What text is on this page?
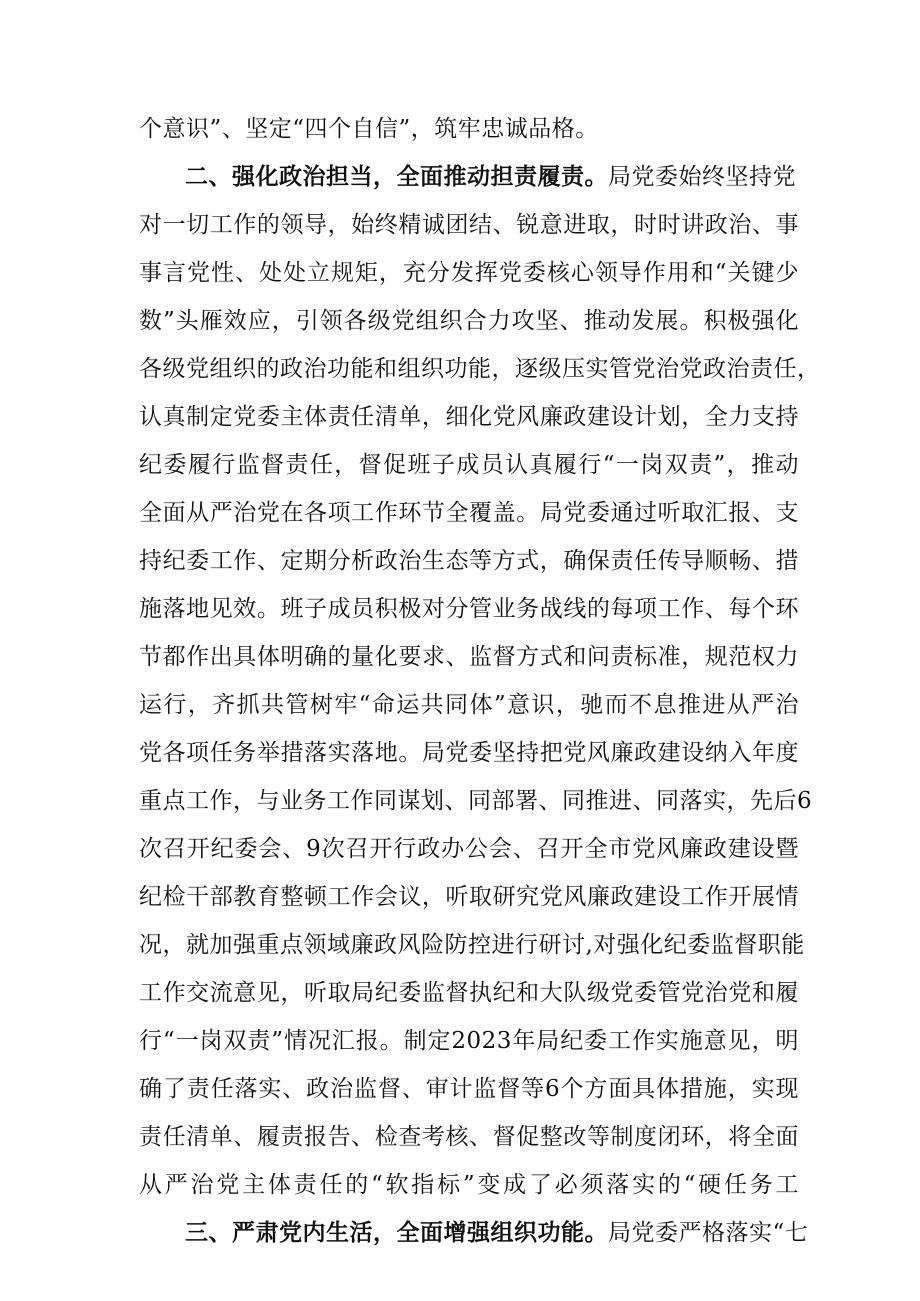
个意识”、坚定“四个自信”，筑牢忠诚品格。
二、强化政治担当，全面推动担责履责。局党委始终坚持党
对一切工作的领导，始终精诚团结、锐意进取，时时讲政治、事
事言党性、处处立规矩，充分发挥党委核心领导作用和“关键少
数”头雁效应，引领各级党组织合力攻坚、推动发展。积极强化
各级党组织的政治功能和组织功能，逐级压实管党治党政治责任，
认真制定党委主体责任清单，细化党风廉政建设计划，全力支持
纪委履行监督责任，督促班子成员认真履行“一岗双责”，推动
全面从严治党在各项工作环节全覆盖。局党委通过听取汇报、支
持纪委工作、定期分析政治生态等方式，确保责任传导顺畅、措
施落地见效。班子成员积极对分管业务战线的每项工作、每个环
节都作出具体明确的量化要求、监督方式和问责标准，规范权力
运行，齐抓共管树牢“命运共同体”意识，驰而不息推进从严治
党各项任务举措落实落地。局党委坚持把党风廉政建设纳入年度
重点工作，与业务工作同谋划、同部署、同推进、同落实，先后6
次召开纪委会、9次召开行政办公会、召开全市党风廉政建设暨
纪检干部教育整顿工作会议，听取研究党风廉政建设工作开展情
况，就加强重点领域廉政风险防控进行研讨,对强化纪委监督职能
工作交流意见，听取局纪委监督执纪和大队级党委管党治党和履
行“一岗双责”情况汇报。制定2023年局纪委工作实施意见，明
确了责任落实、政治监督、审计监督等6个方面具体措施，实现
责任清单、履责报告、检查考核、督促整改等制度闭环，将全面
从严治党主体责任的“软指标”变成了必须落实的“硬任务工
三、严肃党内生活，全面增强组织功能。局党委严格落实“七
